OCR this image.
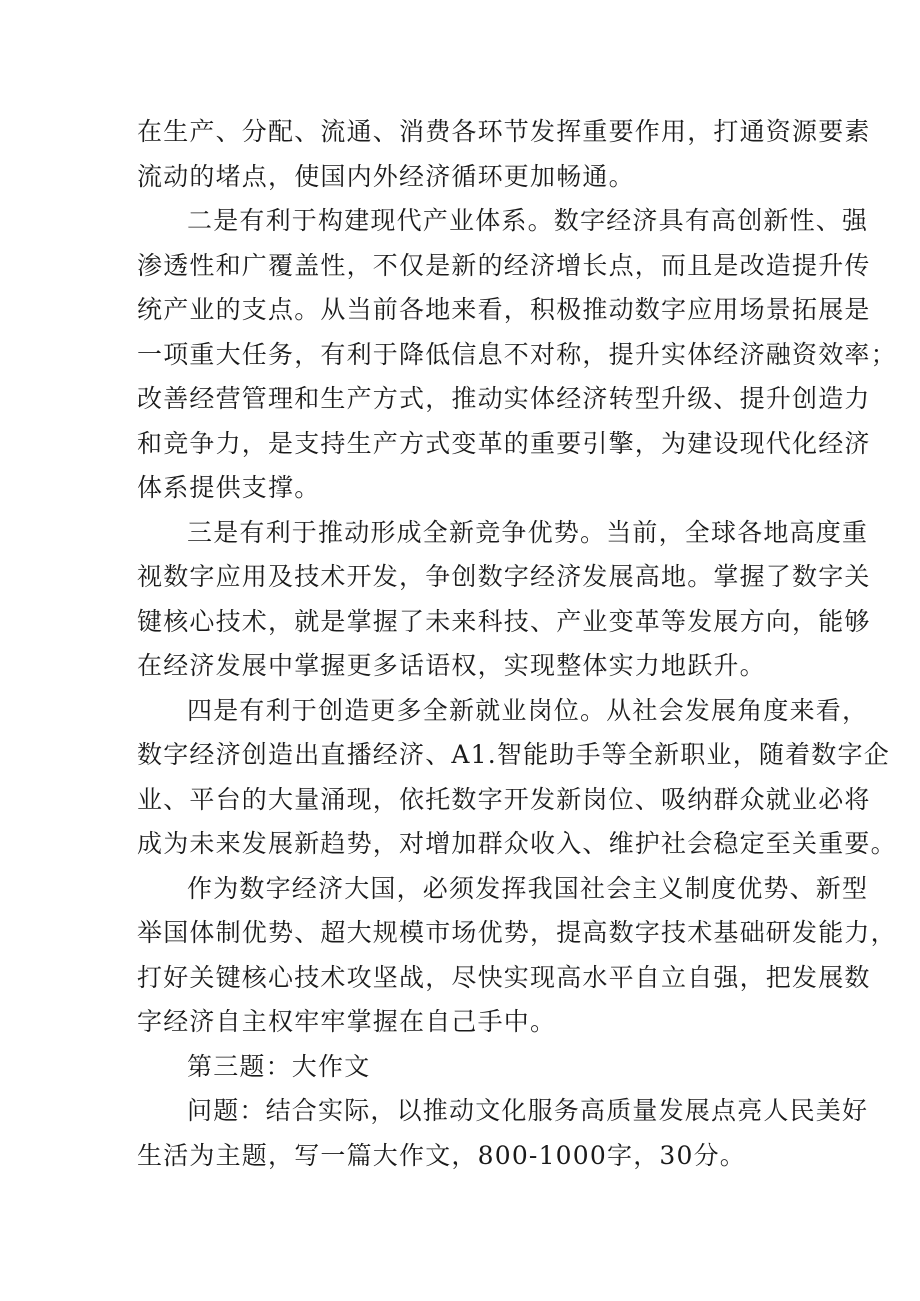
在生产、分配、流通、消费各环节发挥重要作用，打通资源要素
流动的堵点，使国内外经济循环更加畅通。
二是有利于构建现代产业体系。数字经济具有高创新性、强
渗透性和广覆盖性，不仅是新的经济增长点，而且是改造提升传
统产业的支点。从当前各地来看，积极推动数字应用场景拓展是
一项重大任务，有利于降低信息不对称，提升实体经济融资效率；
改善经营管理和生产方式，推动实体经济转型升级、提升创造力
和竞争力，是支持生产方式变革的重要引擎，为建设现代化经济
体系提供支撑。
三是有利于推动形成全新竞争优势。当前，全球各地高度重
视数字应用及技术开发，争创数字经济发展高地。掌握了数字关
键核心技术，就是掌握了未来科技、产业变革等发展方向，能够
在经济发展中掌握更多话语权，实现整体实力地跃升。
四是有利于创造更多全新就业岗位。从社会发展角度来看，
数字经济创造出直播经济、A1.智能助手等全新职业，随着数字企
业、平台的大量涌现，依托数字开发新岗位、吸纳群众就业必将
成为未来发展新趋势，对增加群众收入、维护社会稳定至关重要。
作为数字经济大国，必须发挥我国社会主义制度优势、新型
举国体制优势、超大规模市场优势，提高数字技术基础研发能力，
打好关键核心技术攻坚战，尽快实现高水平自立自强，把发展数
字经济自主权牢牢掌握在自己手中。
第三题：大作文
问题：结合实际，以推动文化服务高质量发展点亮人民美好
生活为主题，写一篇大作文，800-1000字，30分。
